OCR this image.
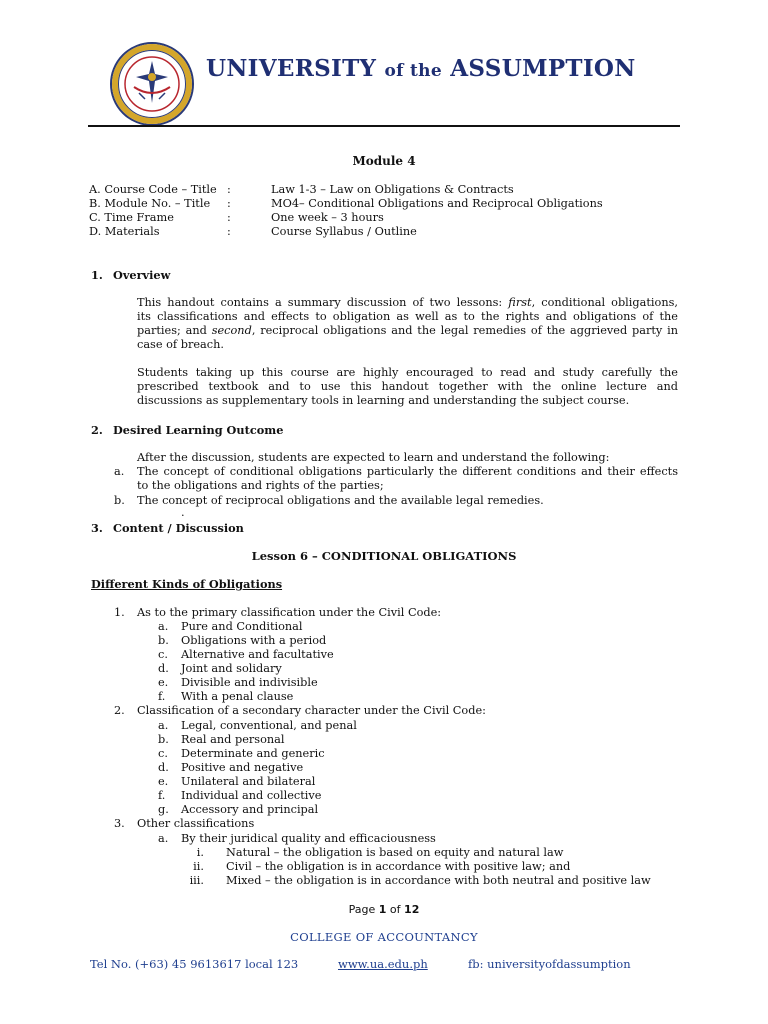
UNIVERSITY of the ASSUMPTION
Module 4
A. Course Code – Title :	Law 1-3 – Law on Obligations & Contracts
B. Module No. – Title :	MO4– Conditional Obligations and Reciprocal Obligations
C. Time Frame	:	One week – 3 hours
D. Materials	:	Course Syllabus / Outline
1. Overview
This handout contains a summary discussion of two lessons: first, conditional obligations,
its classifications and effects to obligation as well as to the rights and obligations of the
parties; and second, reciprocal obligations and the legal remedies of the aggrieved party in
case of breach.
Students taking up this course are highly encouraged to read and study carefully the
prescribed textbook and to use this handout together with the online lecture and
discussions as supplementary tools in learning and understanding the subject course.
2. Desired Learning Outcome
After the discussion, students are expected to learn and understand the following:
a. The concept of conditional obligations particularly the different conditions and their effects
to the obligations and rights of the parties;
b. The concept of reciprocal obligations and the available legal remedies.
.
3. Content / Discussion
Lesson 6 – CONDITIONAL OBLIGATIONS
Different Kinds of Obligations
1. As to the primary classification under the Civil Code:
a. Pure and Conditional
b. Obligations with a period
c. Alternative and facultative
d. Joint and solidary
e. Divisible and indivisible
f. With a penal clause
2. Classification of a secondary character under the Civil Code:
a. Legal, conventional, and penal
b. Real and personal
c. Determinate and generic
d. Positive and negative
e. Unilateral and bilateral
f. Individual and collective
g. Accessory and principal
3. Other classifications
a. By their juridical quality and efficaciousness
i. Natural – the obligation is based on equity and natural law
ii. Civil – the obligation is in accordance with positive law; and
iii. Mixed – the obligation is in accordance with both neutral and positive law
Page 1 of 12
COLLEGE OF ACCOUNTANCY
Tel No. (+63) 45 9613617 local 123	www.ua.edu.ph	fb: universityofdassumption
